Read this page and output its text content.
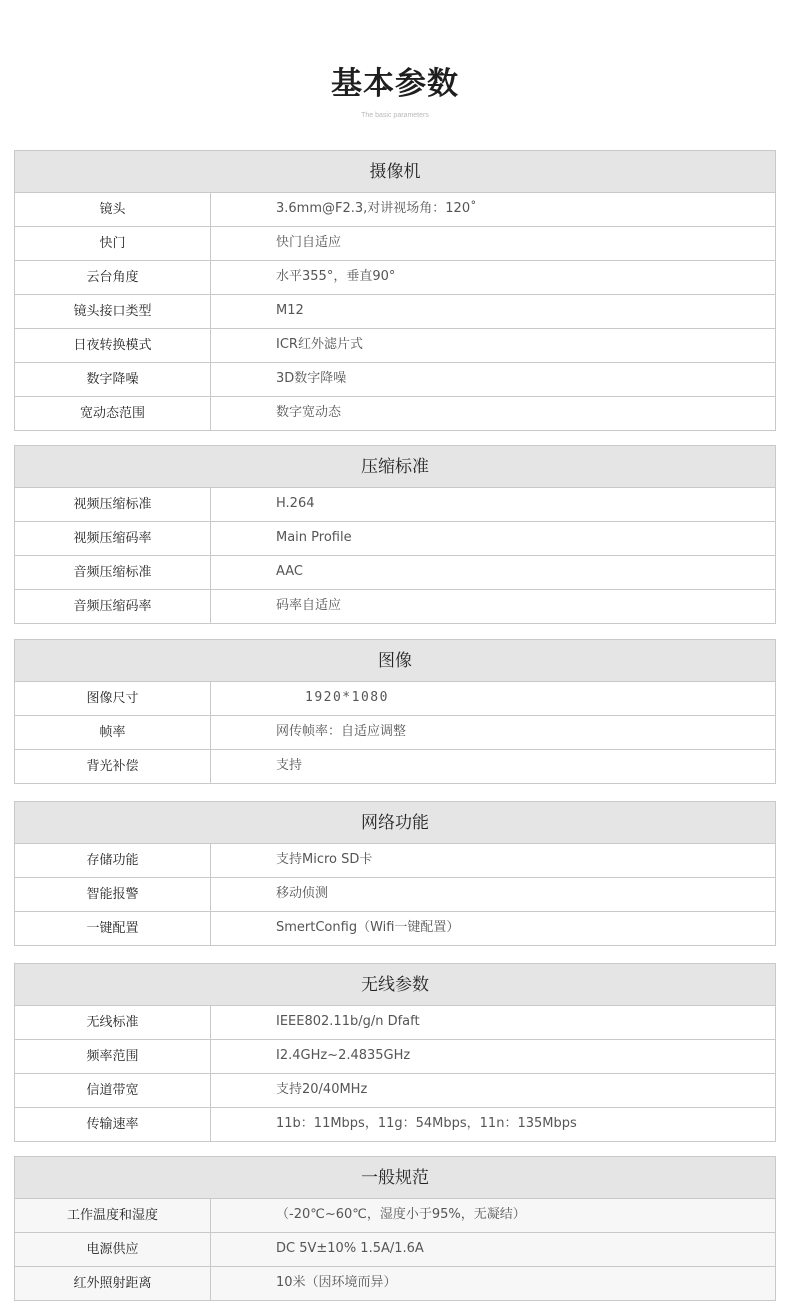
基本参数
The basic parameters
摄像机
镜头	3.6mm@F2.3,对讲视场角：120˚
快门	快门自适应
云台角度	水平355°，垂直90°
镜头接口类型	M12
日夜转换模式	ICR红外滤片式
数字降噪	3D数字降噪
宽动态范围	数字宽动态
压缩标准
视频压缩标准	H.264
视频压缩码率	Main Profile
音频压缩标准	AAC
音频压缩码率	码率自适应
图像
图像尺寸	1920*1080
帧率	网传帧率：自适应调整
背光补偿	支持
网络功能
存储功能	支持Micro SD卡
智能报警	移动侦测
一键配置	SmertConfig（Wifi一键配置）
无线参数
无线标准	IEEE802.11b/g/n Dfaft
频率范围	I2.4GHz~2.4835GHz
信道带宽	支持20/40MHz
传输速率	11b：11Mbps，11g：54Mbps，11n：135Mbps
一般规范
工作温度和湿度	（-20℃~60℃，湿度小于95%，无凝结）
电源供应	DC 5V±10% 1.5A/1.6A
红外照射距离	10米（因环境而异）
